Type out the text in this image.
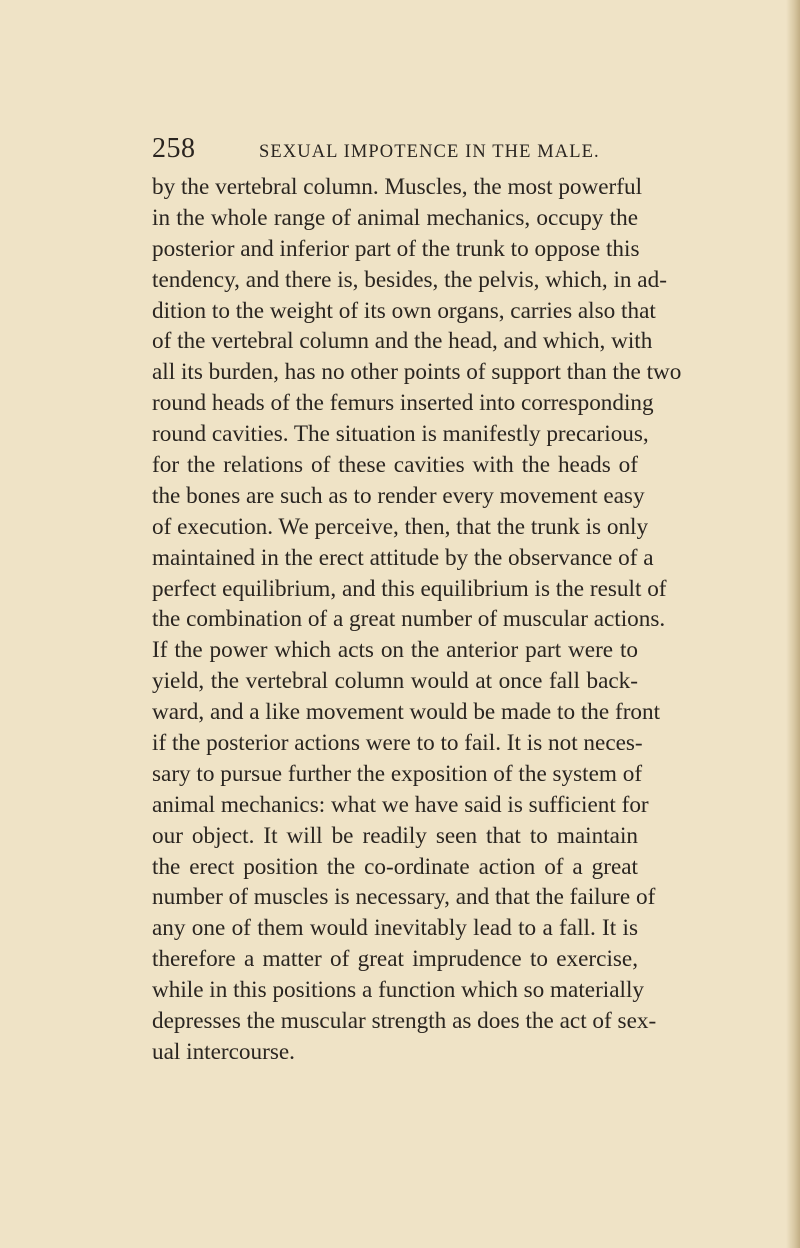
258	SEXUAL IMPOTENCE IN THE MALE.
by the vertebral column. Muscles, the most powerful
in the whole range of animal mechanics, occupy the
posterior and inferior part of the trunk to oppose this
tendency, and there is, besides, the pelvis, which, in ad-
dition to the weight of its own organs, carries also that
of the vertebral column and the head, and which, with
all its burden, has no other points of support than the two
round heads of the femurs inserted into corresponding
round cavities. The situation is manifestly precarious,
for the relations of these cavities with the heads of
the bones are such as to render every movement easy
of execution. We perceive, then, that the trunk is only
maintained in the erect attitude by the observance of a
perfect equilibrium, and this equilibrium is the result of
the combination of a great number of muscular actions.
If the power which acts on the anterior part were to
yield, the vertebral column would at once fall back-
ward, and a like movement would be made to the front
if the posterior actions were to to fail. It is not neces-
sary to pursue further the exposition of the system of
animal mechanics: what we have said is sufficient for
our object. It will be readily seen that to maintain
the erect position the co-ordinate action of a great
number of muscles is necessary, and that the failure of
any one of them would inevitably lead to a fall. It is
therefore a matter of great imprudence to exercise,
while in this positions a function which so materially
depresses the muscular strength as does the act of sex-
ual intercourse.
